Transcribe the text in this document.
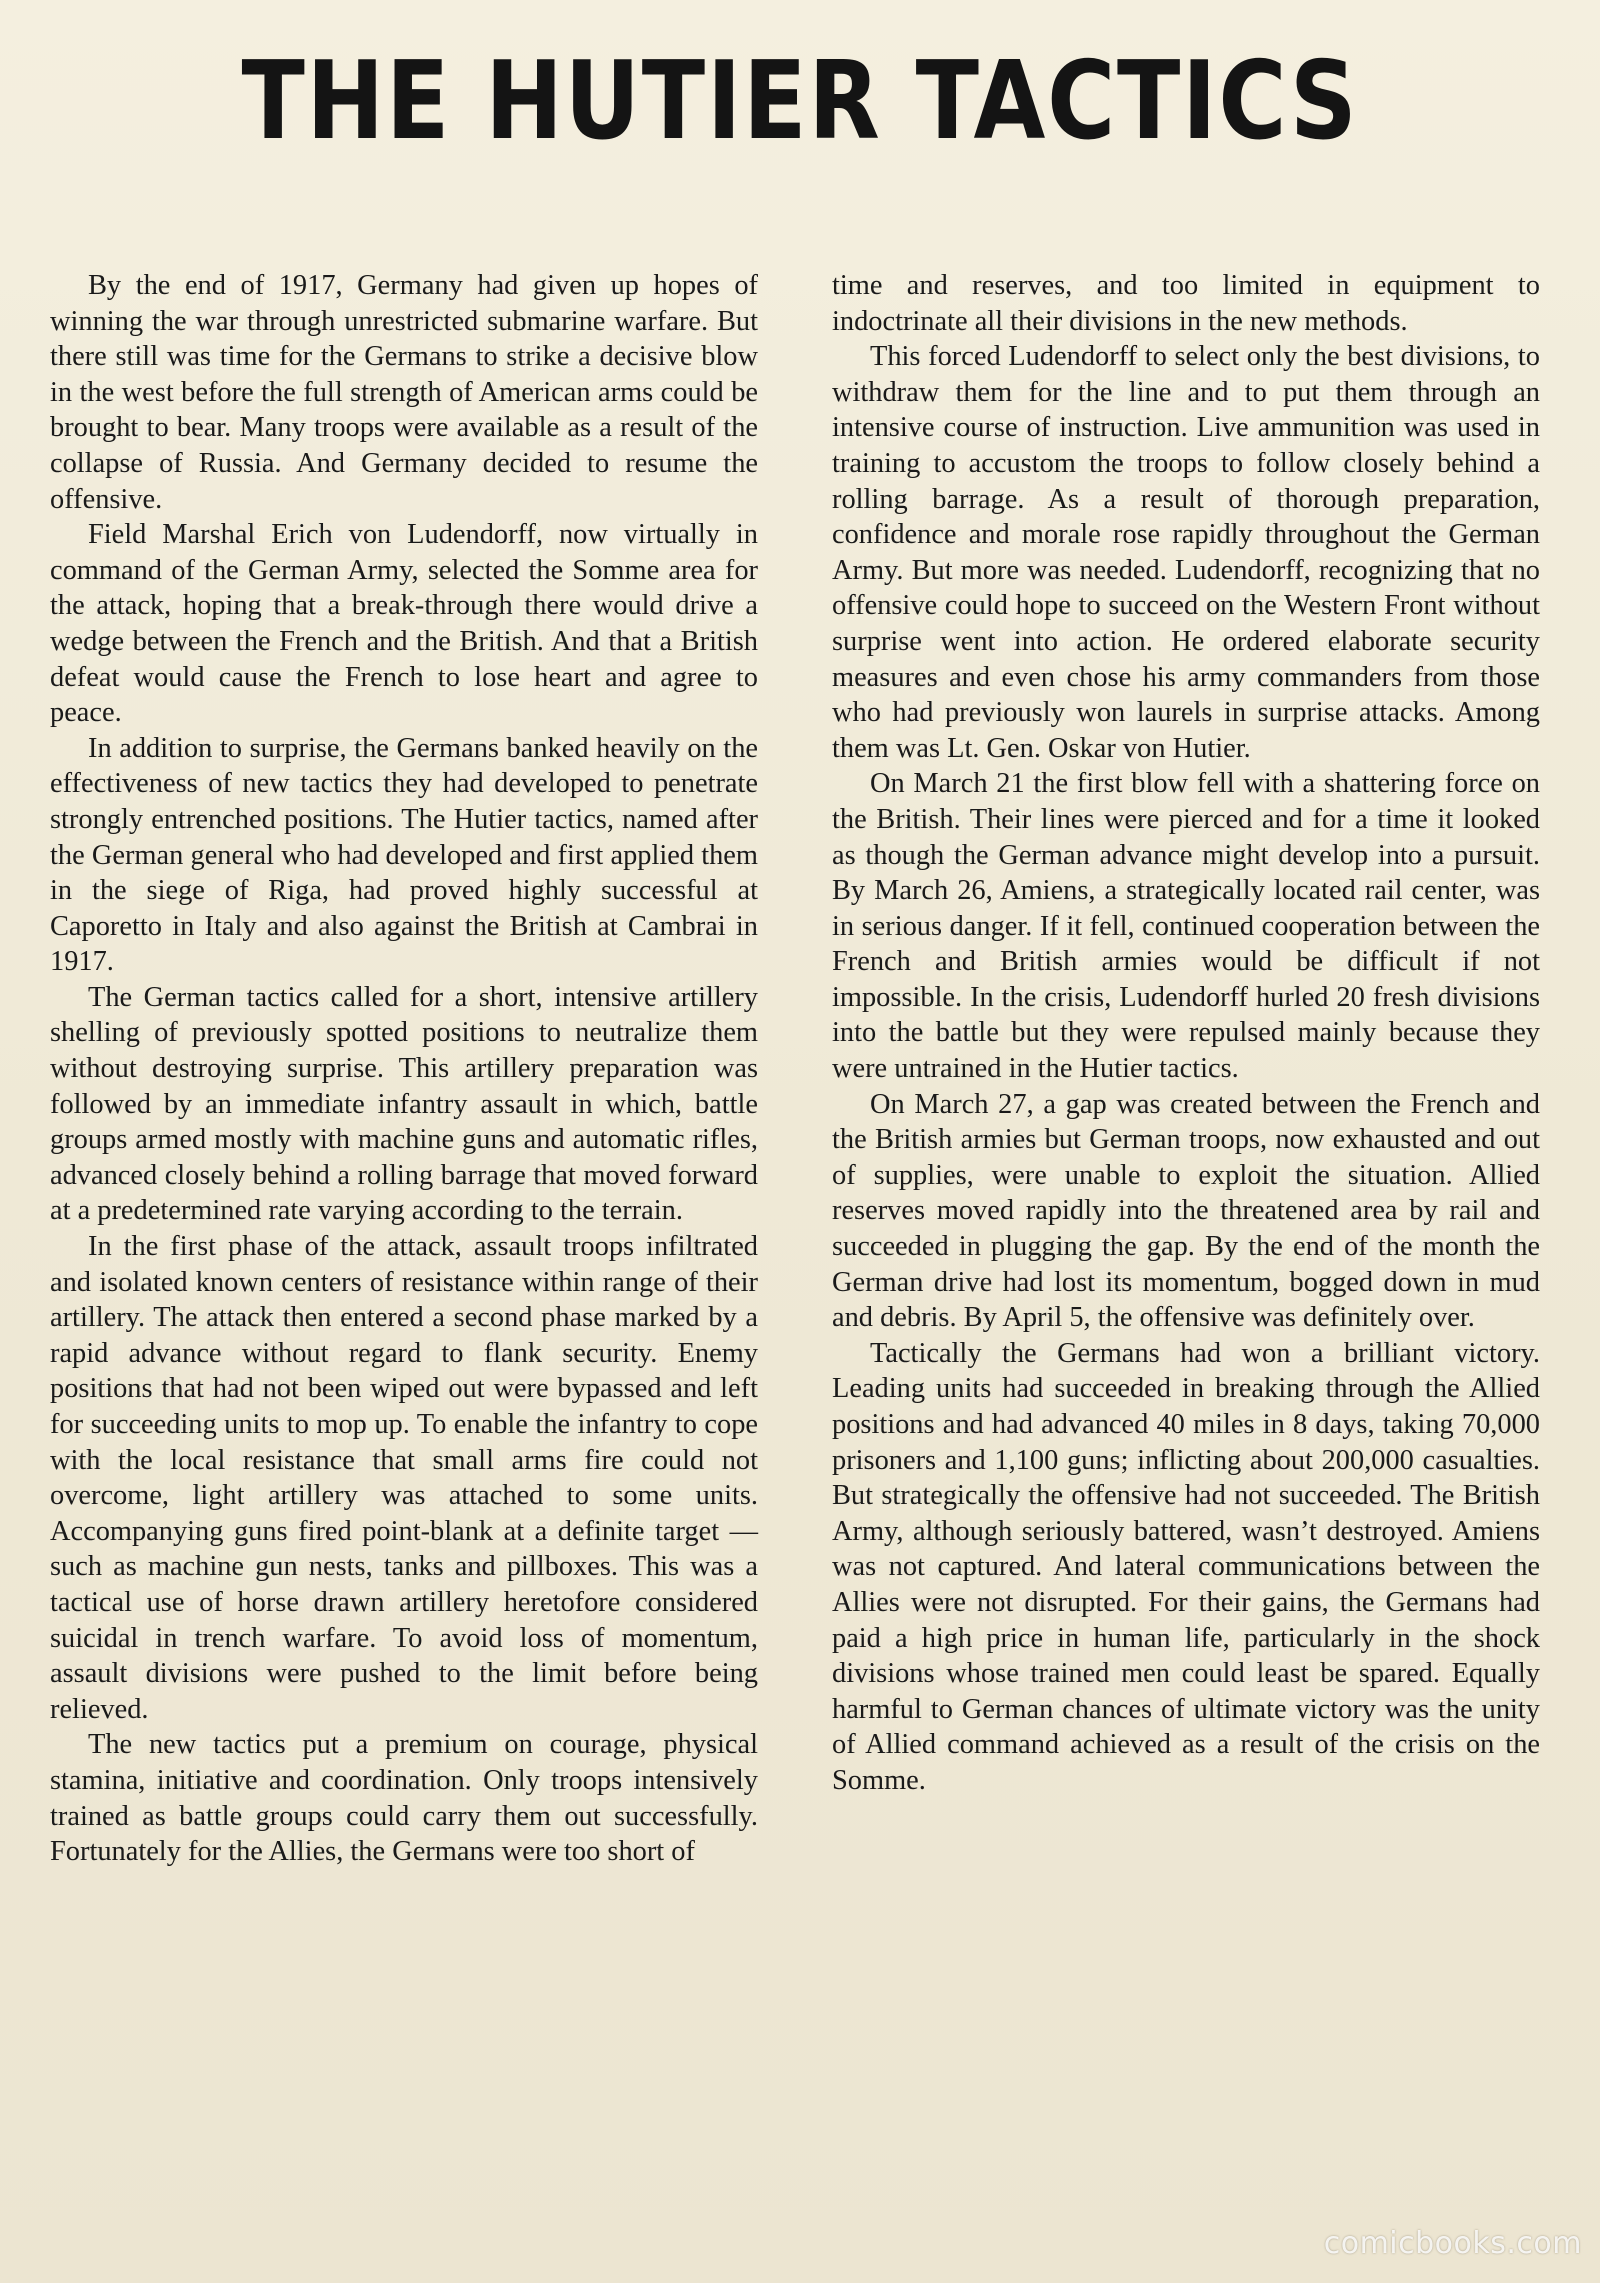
THE HUTIER TACTICS

By the end of 1917, Germany had given up hopes of winning the war through unrestricted submarine warfare. But there still was time for the Germans to strike a decisive blow in the west before the full strength of American arms could be brought to bear. Many troops were available as a result of the collapse of Russia. And Germany decided to resume the offensive.

Field Marshal Erich von Ludendorff, now virtually in command of the German Army, selected the Somme area for the attack, hoping that a break-through there would drive a wedge between the French and the British. And that a British defeat would cause the French to lose heart and agree to peace.

In addition to surprise, the Germans banked heavily on the effectiveness of new tactics they had developed to penetrate strongly entrenched positions. The Hutier tactics, named after the German general who had developed and first applied them in the siege of Riga, had proved highly successful at Caporetto in Italy and also against the British at Cambrai in 1917.

The German tactics called for a short, intensive artillery shelling of previously spotted positions to neutralize them without destroying surprise. This artillery preparation was followed by an immediate infantry assault in which, battle groups armed mostly with machine guns and automatic rifles, advanced closely behind a rolling barrage that moved forward at a predetermined rate varying according to the terrain.

In the first phase of the attack, assault troops infiltrated and isolated known centers of resistance within range of their artillery. The attack then entered a second phase marked by a rapid advance without regard to flank security. Enemy positions that had not been wiped out were bypassed and left for succeeding units to mop up. To enable the infantry to cope with the local resistance that small arms fire could not overcome, light artillery was attached to some units. Accompanying guns fired point-blank at a definite target — such as machine gun nests, tanks and pillboxes. This was a tactical use of horse drawn artillery heretofore considered suicidal in trench warfare. To avoid loss of momentum, assault divisions were pushed to the limit before being relieved.

The new tactics put a premium on courage, physical stamina, initiative and coordination. Only troops intensively trained as battle groups could carry them out successfully. Fortunately for the Allies, the Germans were too short of

time and reserves, and too limited in equipment to indoctrinate all their divisions in the new methods.

This forced Ludendorff to select only the best divisions, to withdraw them for the line and to put them through an intensive course of instruction. Live ammunition was used in training to accustom the troops to follow closely behind a rolling barrage. As a result of thorough preparation, confidence and morale rose rapidly throughout the German Army. But more was needed. Ludendorff, recognizing that no offensive could hope to succeed on the Western Front without surprise went into action. He ordered elaborate security measures and even chose his army commanders from those who had previously won laurels in surprise attacks. Among them was Lt. Gen. Oskar von Hutier.

On March 21 the first blow fell with a shattering force on the British. Their lines were pierced and for a time it looked as though the German advance might develop into a pursuit. By March 26, Amiens, a strategically located rail center, was in serious danger. If it fell, continued cooperation between the French and British armies would be difficult if not impossible. In the crisis, Ludendorff hurled 20 fresh divisions into the battle but they were repulsed mainly because they were untrained in the Hutier tactics.

On March 27, a gap was created between the French and the British armies but German troops, now exhausted and out of supplies, were unable to exploit the situation. Allied reserves moved rapidly into the threatened area by rail and succeeded in plugging the gap. By the end of the month the German drive had lost its momentum, bogged down in mud and debris. By April 5, the offensive was definitely over.

Tactically the Germans had won a brilliant victory. Leading units had succeeded in breaking through the Allied positions and had advanced 40 miles in 8 days, taking 70,000 prisoners and 1,100 guns; inflicting about 200,000 casualties. But strategically the offensive had not succeeded. The British Army, although seriously battered, wasn’t destroyed. Amiens was not captured. And lateral communications between the Allies were not disrupted. For their gains, the Germans had paid a high price in human life, particularly in the shock divisions whose trained men could least be spared. Equally harmful to German chances of ultimate victory was the unity of Allied command achieved as a result of the crisis on the Somme.

comicbooks.com
